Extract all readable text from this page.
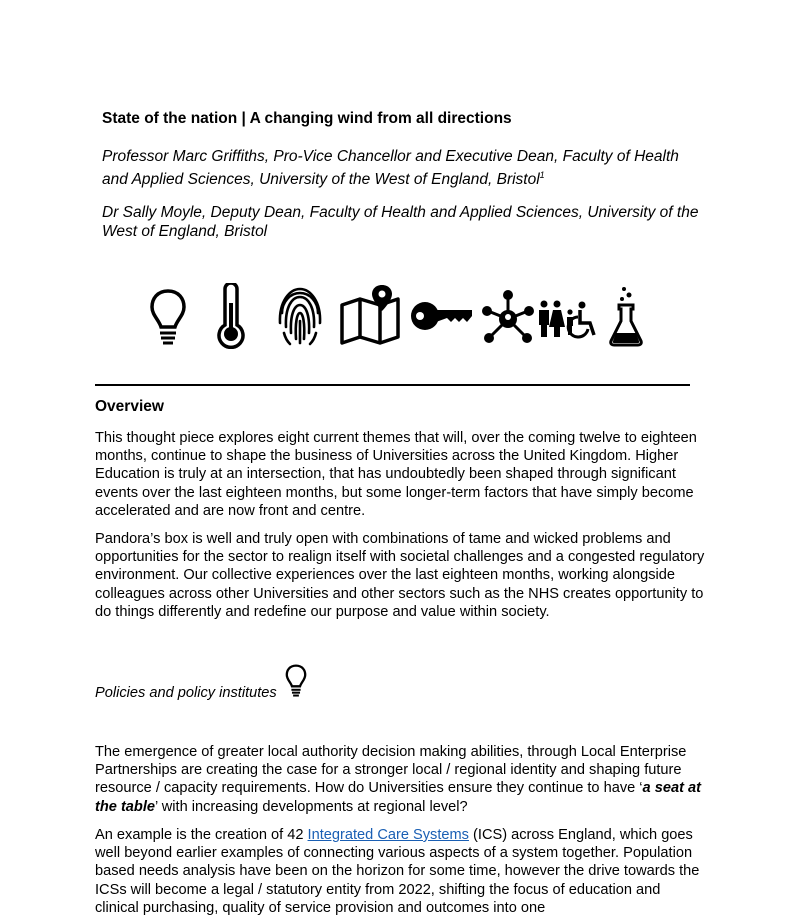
State of the nation | A changing wind from all directions
Professor Marc Griffiths, Pro-Vice Chancellor and Executive Dean, Faculty of Health and Applied Sciences, University of the West of England, Bristol$^1$
Dr Sally Moyle, Deputy Dean, Faculty of Health and Applied Sciences, University of the West of England, Bristol
Overview

This thought piece explores eight current themes that will, over the coming twelve to eighteen months, continue to shape the business of Universities across the United Kingdom. Higher Education is truly at an intersection, that has undoubtedly been shaped through significant events over the last eighteen months, but some longer-term factors that have simply become accelerated and are now front and centre.

Pandora’s box is well and truly open with combinations of tame and wicked problems and opportunities for the sector to realign itself with societal challenges and a congested regulatory environment. Our collective experiences over the last eighteen months, working alongside colleagues across other Universities and other sectors such as the NHS creates opportunity to do things differently and redefine our purpose and value within society.

Policies and policy institutes

The emergence of greater local authority decision making abilities, through Local Enterprise Partnerships are creating the case for a stronger local / regional identity and shaping future resource / capacity requirements. How do Universities ensure they continue to have ‘a seat at the table’ with increasing developments at regional level?

An example is the creation of 42 Integrated Care Systems (ICS) across England, which goes well beyond earlier examples of connecting various aspects of a system together. Population based needs analysis have been on the horizon for some time, however the drive towards the ICSs will become a legal / statutory entity from 2022, shifting the focus of education and clinical purchasing, quality of service provision and outcomes into one
